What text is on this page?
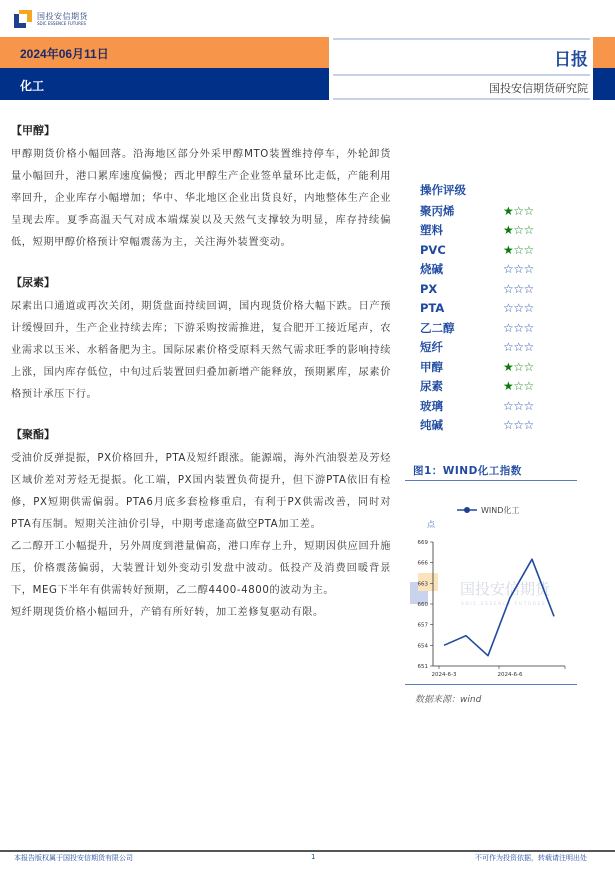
国投安信期货
SDIC ESSENCE FUTURES
2024年06月11日
化工
日报
国投安信期货研究院
【甲醇】

甲醇期货价格小幅回落。沿海地区部分外采甲醇MTO装置维持停车，外轮卸货量小幅回升，港口累库速度偏慢；西北甲醇生产企业签单量环比走低，产能利用率回升，企业库存小幅增加；华中、华北地区企业出货良好，内地整体生产企业呈现去库。夏季高温天气对成本端煤炭以及天然气支撑较为明显，库存持续偏低，短期甲醇价格预计窄幅震荡为主，关注海外装置变动。

【尿素】

尿素出口通道或再次关闭，期货盘面持续回调，国内现货价格大幅下跌。日产预计缓慢回升，生产企业持续去库；下游采购按需推进，复合肥开工接近尾声，农业需求以玉米、水稻备肥为主。国际尿素价格受原料天然气需求旺季的影响持续上涨，国内库存低位，中旬过后装置回归叠加新增产能释放，预期累库，尿素价格预计承压下行。

【聚酯】

受油价反弹提振，PX价格回升，PTA及短纤跟涨。能源端，海外汽油裂差及芳烃区域价差对芳烃无提振。化工端，PX国内装置负荷提升，但下游PTA依旧有检修，PX短期供需偏弱。PTA6月底多套检修重启，有利于PX供需改善，同时对PTA有压制。短期关注油价引导，中期考虑逢高做空PTA加工差。

乙二醇开工小幅提升，另外周度到港量偏高，港口库存上升，短期因供应回升施压，价格震荡偏弱，大装置计划外变动引发盘中波动。低投产及消费回暖背景下，MEG下半年有供需转好预期，乙二醇4400-4800的波动为主。

短纤期现货价格小幅回升，产销有所好转，加工差修复驱动有限。

操作评级
聚丙烯	★☆☆
塑料	★☆☆
PVC	★☆☆
烧碱	☆☆☆
PX	☆☆☆
PTA	☆☆☆
乙二醇	☆☆☆
短纤	☆☆☆
甲醇	★☆☆
尿素	★☆☆
玻璃	☆☆☆
纯碱	☆☆☆
图1：WIND化工指数
国投安信期货
SDIC ESSENCE FUTURES
WIND化工
点
651
654
657
660
663
666
669
2024-6-3	2024-6-6
数据来源：wind
本报告版权属于国投安信期货有限公司	1	不可作为投资依据，转载请注明出处
